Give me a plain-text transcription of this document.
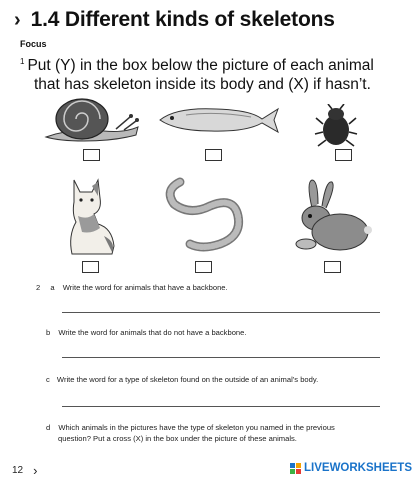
› 1.4 Different kinds of skeletons
Focus
$^1$ Put (Y) in the box below the picture of each animal
that has skeleton inside its body and (X) if hasn’t.
2 a Write the word for animals that have a backbone.
b Write the word for animals that do not have a backbone.
c Write the word for a type of skeleton found on the outside of an animal’s body.
d Which animals in the pictures have the type of skeleton you named in the previous
question? Put a cross (X) in the box under the picture of these animals.
12 ›	LIVEWORKSHEETS
